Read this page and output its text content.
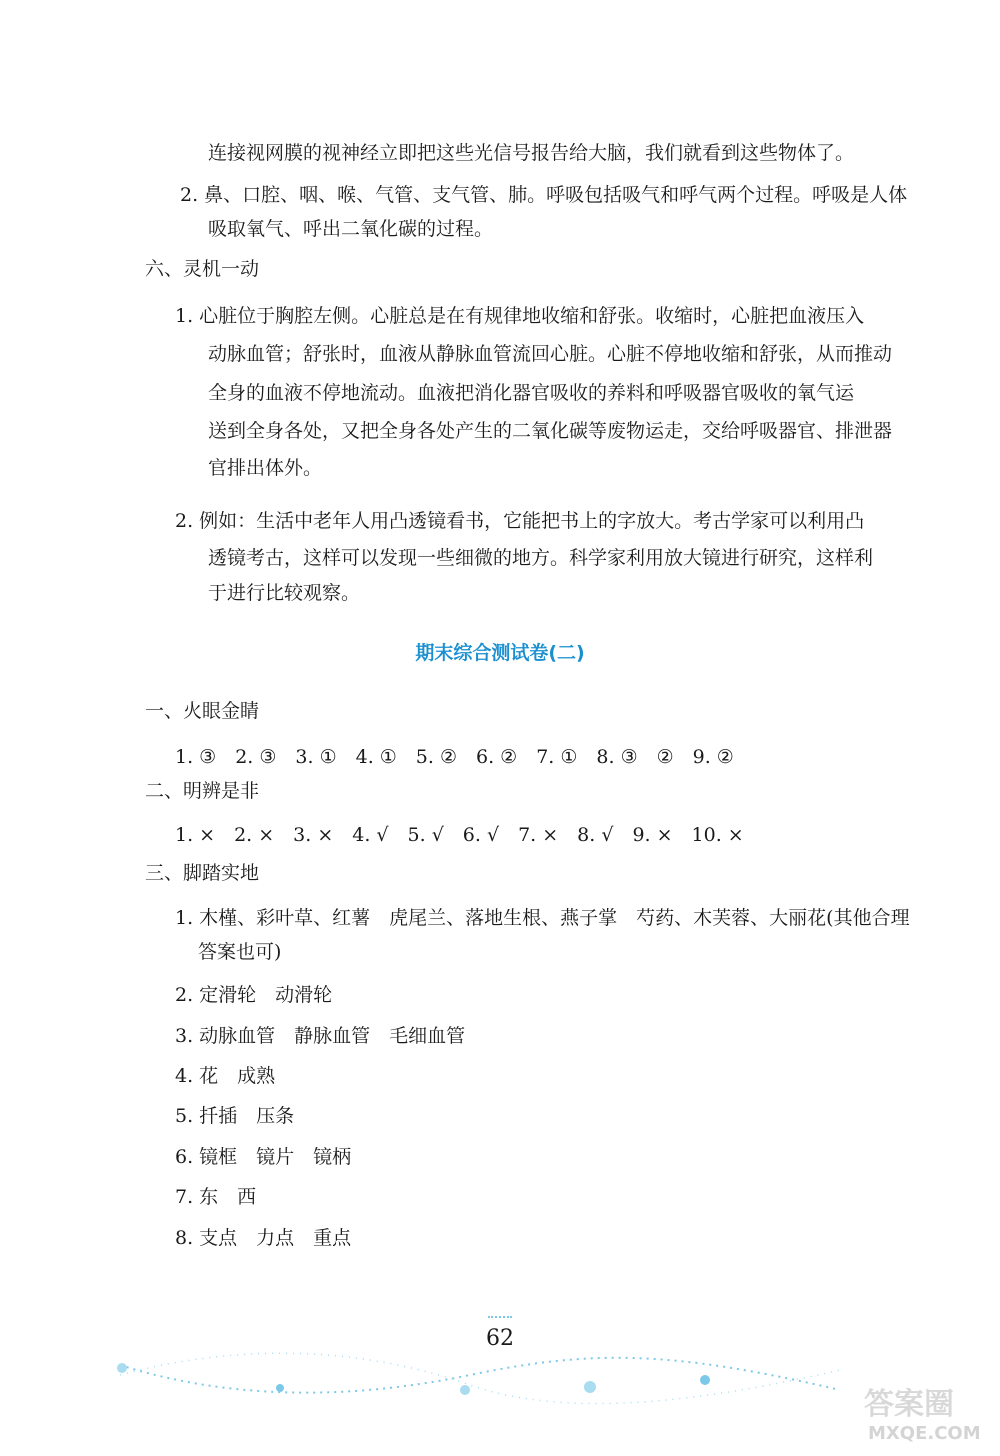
连接视网膜的视神经立即把这些光信号报告给大脑，我们就看到这些物体了。
2. 鼻、口腔、咽、喉、气管、支气管、肺。呼吸包括吸气和呼气两个过程。呼吸是人体
吸取氧气、呼出二氧化碳的过程。
六、灵机一动
1. 心脏位于胸腔左侧。心脏总是在有规律地收缩和舒张。收缩时，心脏把血液压入
动脉血管；舒张时，血液从静脉血管流回心脏。心脏不停地收缩和舒张，从而推动
全身的血液不停地流动。血液把消化器官吸收的养料和呼吸器官吸收的氧气运
送到全身各处，又把全身各处产生的二氧化碳等废物运走，交给呼吸器官、排泄器
官排出体外。
2. 例如：生活中老年人用凸透镜看书，它能把书上的字放大。考古学家可以利用凸
透镜考古，这样可以发现一些细微的地方。科学家利用放大镜进行研究，这样利
于进行比较观察。
期末综合测试卷(二)
一、火眼金睛
1. ③　2. ③　3. ①　4. ①　5. ②　6. ②　7. ①　8. ③　②　9. ②
二、明辨是非
1. ×　2. ×　3. ×　4. √　5. √　6. √　7. ×　8. √　9. ×　10. ×
三、脚踏实地
1. 木槿、彩叶草、红薯　虎尾兰、落地生根、燕子掌　芍药、木芙蓉、大丽花(其他合理
答案也可)
2. 定滑轮　动滑轮
3. 动脉血管　静脉血管　毛细血管
4. 花　成熟
5. 扦插　压条
6. 镜框　镜片　镜柄
7. 东　西
8. 支点　力点　重点
62
答案圈
MXQE.COM
